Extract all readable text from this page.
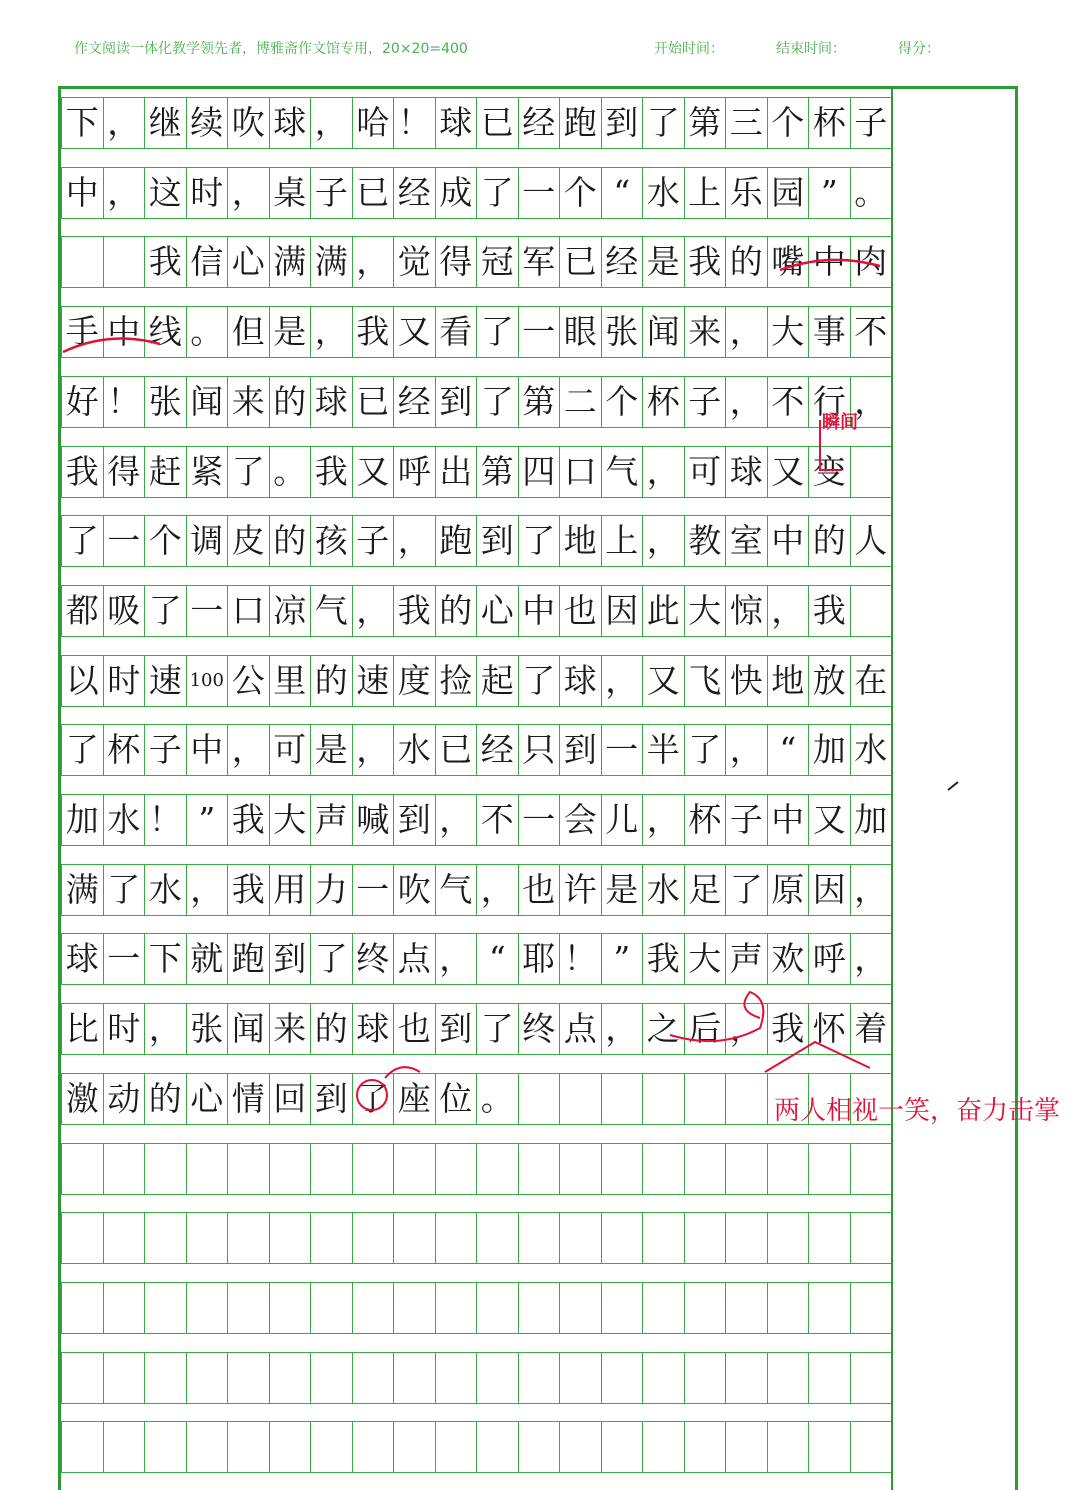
作文阅读一体化教学领先者，博雅斋作文馆专用，20×20=400	开始时间：	结束时间：	得分：
下 ， 继 续 吹 球 ， 哈 ！ 球 已 经 跑 到 了 第 三 个 杯 子
中 ， 这 时 ， 桌 子 已 经 成 了 一 个 “ 水 上 乐 园 ” 。
我 信 心 满 满 ， 觉 得 冠 军 已 经 是 我 的 嘴 中 肉
手 中 线 。 但 是 ， 我 又 看 了 一 眼 张 闻 来 ， 大 事 不
好 ！ 张 闻 来 的 球 已 经 到 了 第 二 个 杯 子 ， 不 行 ，
我 得 赶 紧 了 。 我 又 呼 出 第 四 口 气 ， 可 球 又 变
了 一 个 调 皮 的 孩 子 ， 跑 到 了 地 上 ， 教 室 中 的 人
都 吸 了 一 口 凉 气 ， 我 的 心 中 也 因 此 大 惊 ， 我
以 时 速 100 公 里 的 速 度 捡 起 了 球 ， 又 飞 快 地 放 在
了 杯 子 中 ， 可 是 ， 水 已 经 只 到 一 半 了 ， “ 加 水
加 水 ！ ” 我 大 声 喊 到 ， 不 一 会 儿 ， 杯 子 中 又 加
满 了 水 ， 我 用 力 一 吹 气 ， 也 许 是 水 足 了 原 因 ，
球 一 下 就 跑 到 了 终 点 ， “ 耶 ！ ” 我 大 声 欢 呼 ，
比 时 ， 张 闻 来 的 球 也 到 了 终 点 ， 之 后 ， 我 怀 着
激 动 的 心 情 回 到 了 座 位 。
瞬间
两人相视一笑，奋力击掌
